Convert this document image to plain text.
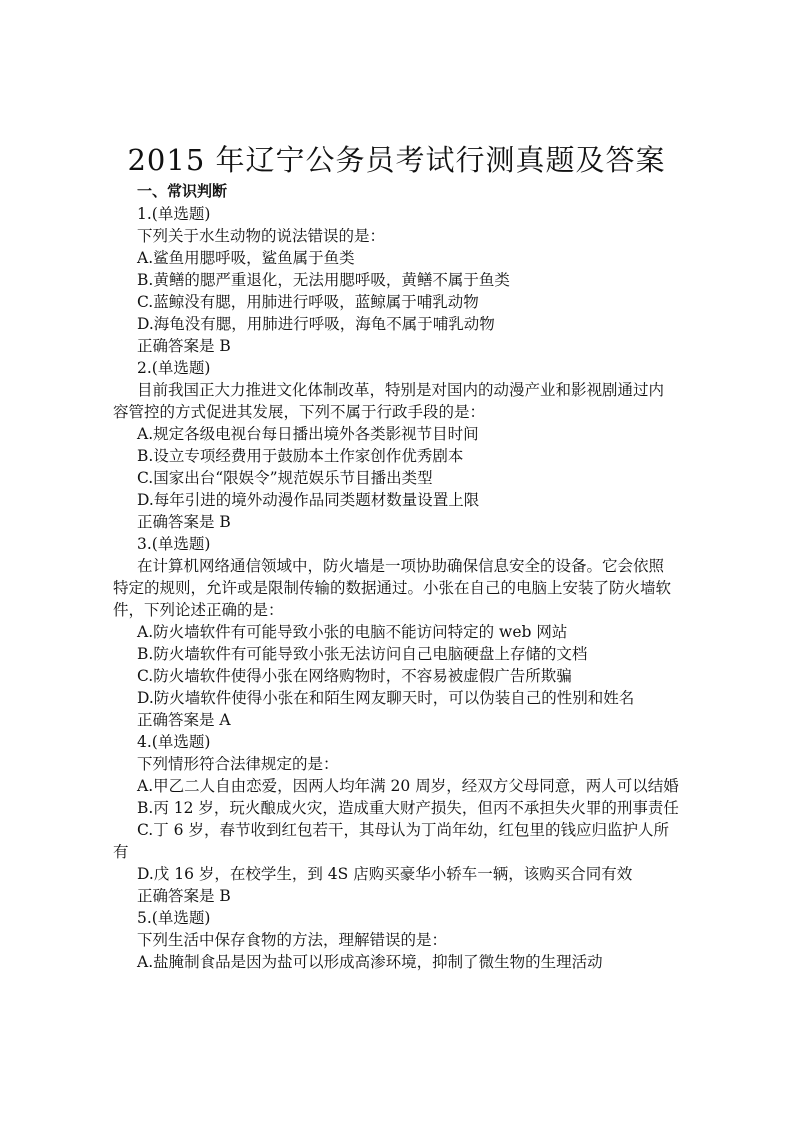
2015 年辽宁公务员考试行测真题及答案
一、常识判断
1.(单选题)
下列关于水生动物的说法错误的是：
A.鲨鱼用腮呼吸，鲨鱼属于鱼类
B.黄鳝的腮严重退化，无法用腮呼吸，黄鳝不属于鱼类
C.蓝鲸没有腮，用肺进行呼吸，蓝鲸属于哺乳动物
D.海龟没有腮，用肺进行呼吸，海龟不属于哺乳动物
正确答案是 B
2.(单选题)
目前我国正大力推进文化体制改革，特别是对国内的动漫产业和影视剧通过内
容管控的方式促进其发展，下列不属于行政手段的是：
A.规定各级电视台每日播出境外各类影视节目时间
B.设立专项经费用于鼓励本土作家创作优秀剧本
C.国家出台“限娱令”规范娱乐节目播出类型
D.每年引进的境外动漫作品同类题材数量设置上限
正确答案是 B
3.(单选题)
在计算机网络通信领域中，防火墙是一项协助确保信息安全的设备。它会依照
特定的规则，允许或是限制传输的数据通过。小张在自己的电脑上安装了防火墙软
件，下列论述正确的是：
A.防火墙软件有可能导致小张的电脑不能访问特定的 web 网站
B.防火墙软件有可能导致小张无法访问自己电脑硬盘上存储的文档
C.防火墙软件使得小张在网络购物时，不容易被虚假广告所欺骗
D.防火墙软件使得小张在和陌生网友聊天时，可以伪装自己的性别和姓名
正确答案是 A
4.(单选题)
下列情形符合法律规定的是：
A.甲乙二人自由恋爱，因两人均年满 20 周岁，经双方父母同意，两人可以结婚
B.丙 12 岁，玩火酿成火灾，造成重大财产损失，但丙不承担失火罪的刑事责任
C.丁 6 岁，春节收到红包若干，其母认为丁尚年幼，红包里的钱应归监护人所
有
D.戊 16 岁，在校学生，到 4S 店购买豪华小轿车一辆，该购买合同有效
正确答案是 B
5.(单选题)
下列生活中保存食物的方法，理解错误的是：
A.盐腌制食品是因为盐可以形成高渗环境，抑制了微生物的生理活动
